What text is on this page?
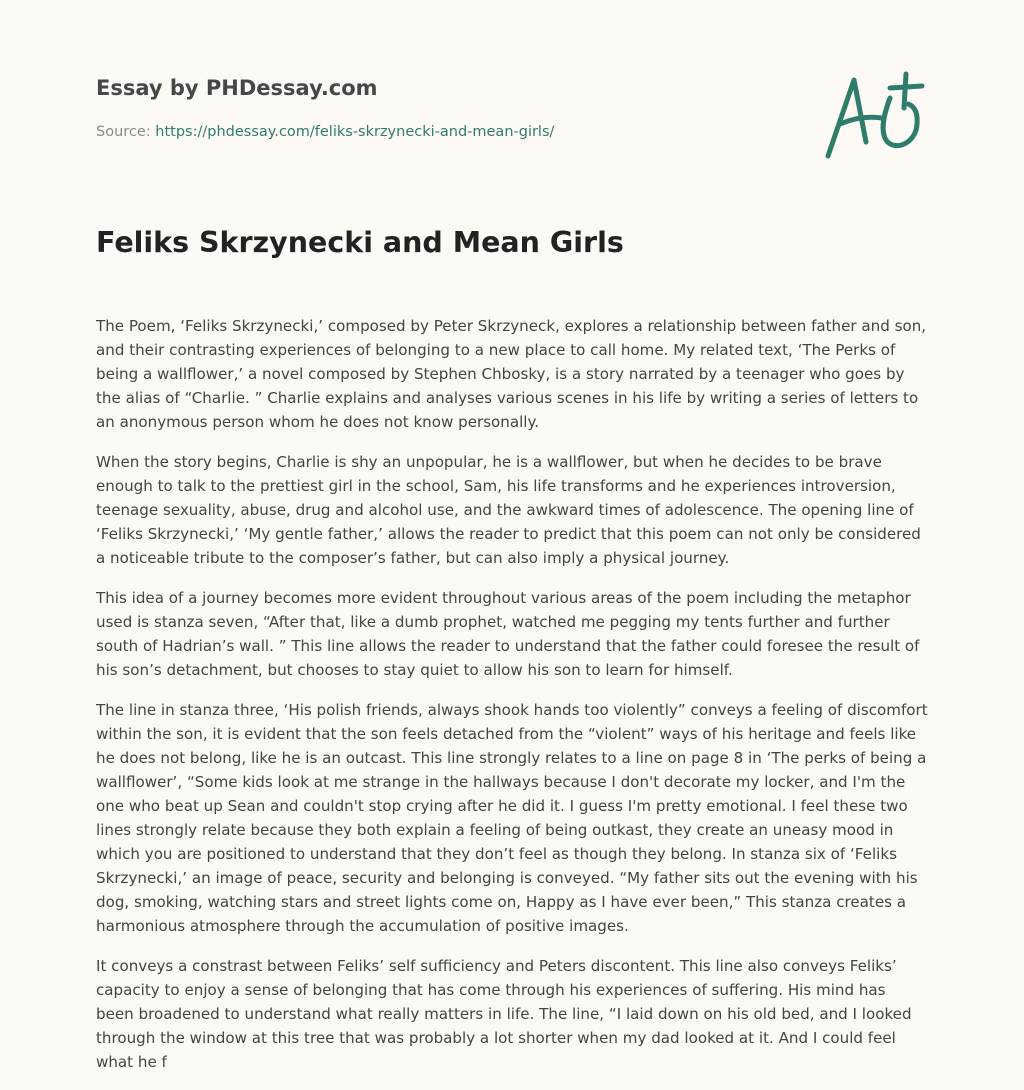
Essay by PHDessay.com
Source: https://phdessay.com/feliks-skrzynecki-and-mean-girls/
Feliks Skrzynecki and Mean Girls

The Poem, ‘Feliks Skrzynecki,’ composed by Peter Skrzyneck, explores a relationship between father and son, and their contrasting experiences of belonging to a new place to call home. My related text, ‘The Perks of being a wallflower,’ a novel composed by Stephen Chbosky, is a story narrated by a teenager who goes by the alias of “Charlie. ” Charlie explains and analyses various scenes in his life by writing a series of letters to an anonymous person whom he does not know personally.

When the story begins, Charlie is shy an unpopular, he is a wallflower, but when he decides to be brave enough to talk to the prettiest girl in the school, Sam, his life transforms and he experiences introversion, teenage sexuality, abuse, drug and alcohol use, and the awkward times of adolescence. The opening line of ‘Feliks Skrzynecki,’ ‘My gentle father,’ allows the reader to predict that this poem can not only be considered a noticeable tribute to the composer’s father, but can also imply a physical journey.

This idea of a journey becomes more evident throughout various areas of the poem including the metaphor used is stanza seven, “After that, like a dumb prophet, watched me pegging my tents further and further south of Hadrian’s wall. ” This line allows the reader to understand that the father could foresee the result of his son’s detachment, but chooses to stay quiet to allow his son to learn for himself.

The line in stanza three, ‘His polish friends, always shook hands too violently” conveys a feeling of discomfort within the son, it is evident that the son feels detached from the “violent” ways of his heritage and feels like he does not belong, like he is an outcast. This line strongly relates to a line on page 8 in ‘The perks of being a wallflower’, “Some kids look at me strange in the hallways because I don't decorate my locker, and I'm the one who beat up Sean and couldn't stop crying after he did it. I guess I'm pretty emotional. I feel these two lines strongly relate because they both explain a feeling of being outkast, they create an uneasy mood in which you are positioned to understand that they don’t feel as though they belong. In stanza six of ‘Feliks Skrzynecki,’ an image of peace, security and belonging is conveyed. “My father sits out the evening with his dog, smoking, watching stars and street lights come on, Happy as I have ever been,” This stanza creates a harmonious atmosphere through the accumulation of positive images.

It conveys a constrast between Feliks’ self sufficiency and Peters discontent. This line also conveys Feliks’ capacity to enjoy a sense of belonging that has come through his experiences of suffering. His mind has been broadened to understand what really matters in life. The line, “I laid down on his old bed, and I looked through the window at this tree that was probably a lot shorter when my dad looked at it. And I could feel what he f
